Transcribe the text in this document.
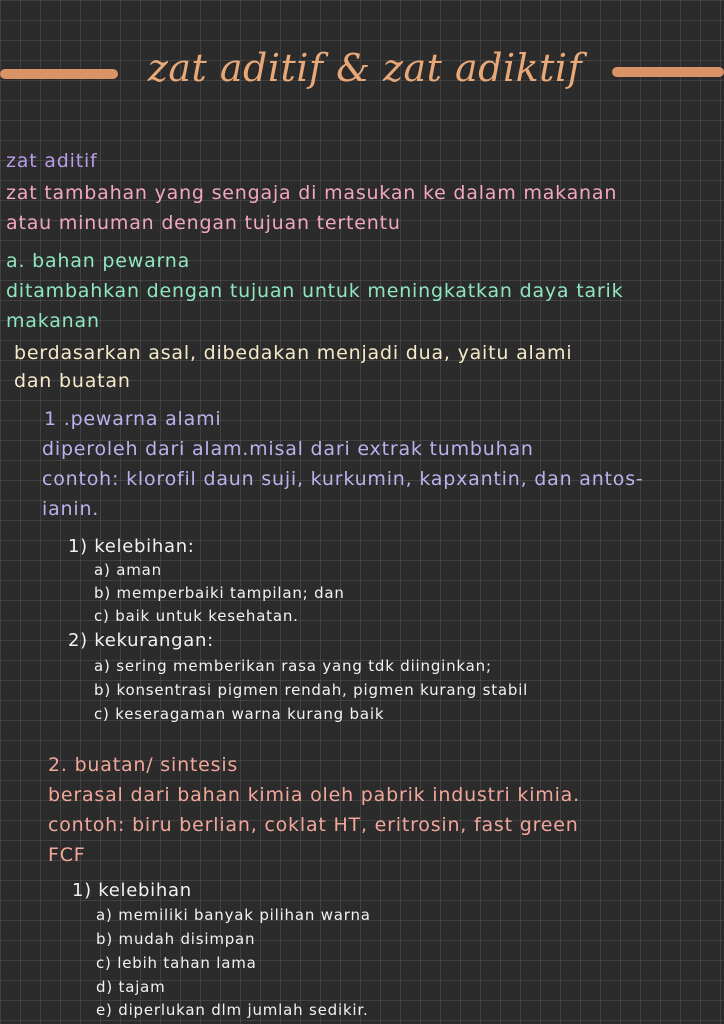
zat aditif & zat adiktif
zat aditif
zat tambahan yang sengaja di masukan ke dalam makanan
atau minuman dengan tujuan tertentu
a. bahan pewarna
ditambahkan dengan tujuan untuk meningkatkan daya tarik
makanan
berdasarkan asal, dibedakan menjadi dua, yaitu alami
dan buatan
1 .pewarna alami
diperoleh dari alam.misal dari extrak tumbuhan
contoh: klorofil daun suji, kurkumin, kapxantin, dan antos-
ianin.
1) kelebihan:
a) aman
b) memperbaiki tampilan; dan
c) baik untuk kesehatan.
2) kekurangan:
a) sering memberikan rasa yang tdk diinginkan;
b) konsentrasi pigmen rendah, pigmen kurang stabil
c) keseragaman warna kurang baik
2. buatan/ sintesis
berasal dari bahan kimia oleh pabrik industri kimia.
contoh: biru berlian, coklat HT, eritrosin, fast green
FCF
1) kelebihan
a) memiliki banyak pilihan warna
b) mudah disimpan
c) lebih tahan lama
d) tajam
e) diperlukan dlm jumlah sedikir.
